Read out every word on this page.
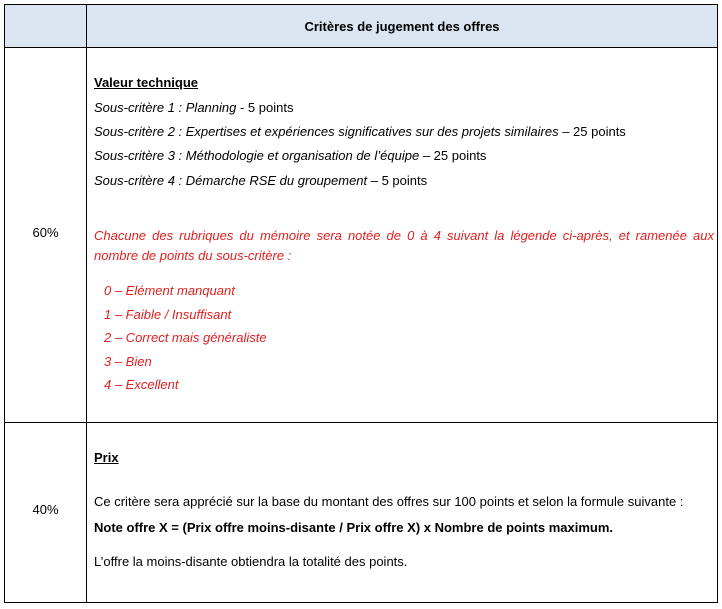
Critères de jugement des offres
60%
Valeur technique
Sous-critère 1 : Planning - 5 points
Sous-critère 2 : Expertises et expériences significatives sur des projets similaires – 25 points
Sous-critère 3 : Méthodologie et organisation de l’équipe – 25 points
Sous-critère 4 : Démarche RSE du groupement – 5 points
Chacune des rubriques du mémoire sera notée de 0 à 4 suivant la légende ci-après, et ramenée aux nombre de points du sous-critère :
0 – Elément manquant
1 – Faible / Insuffisant
2 – Correct mais généraliste
3 – Bien
4 – Excellent
40%
Prix
Ce critère sera apprécié sur la base du montant des offres sur 100 points et selon la formule suivante :
Note offre X = (Prix offre moins-disante / Prix offre X) x Nombre de points maximum.
L’offre la moins-disante obtiendra la totalité des points.
